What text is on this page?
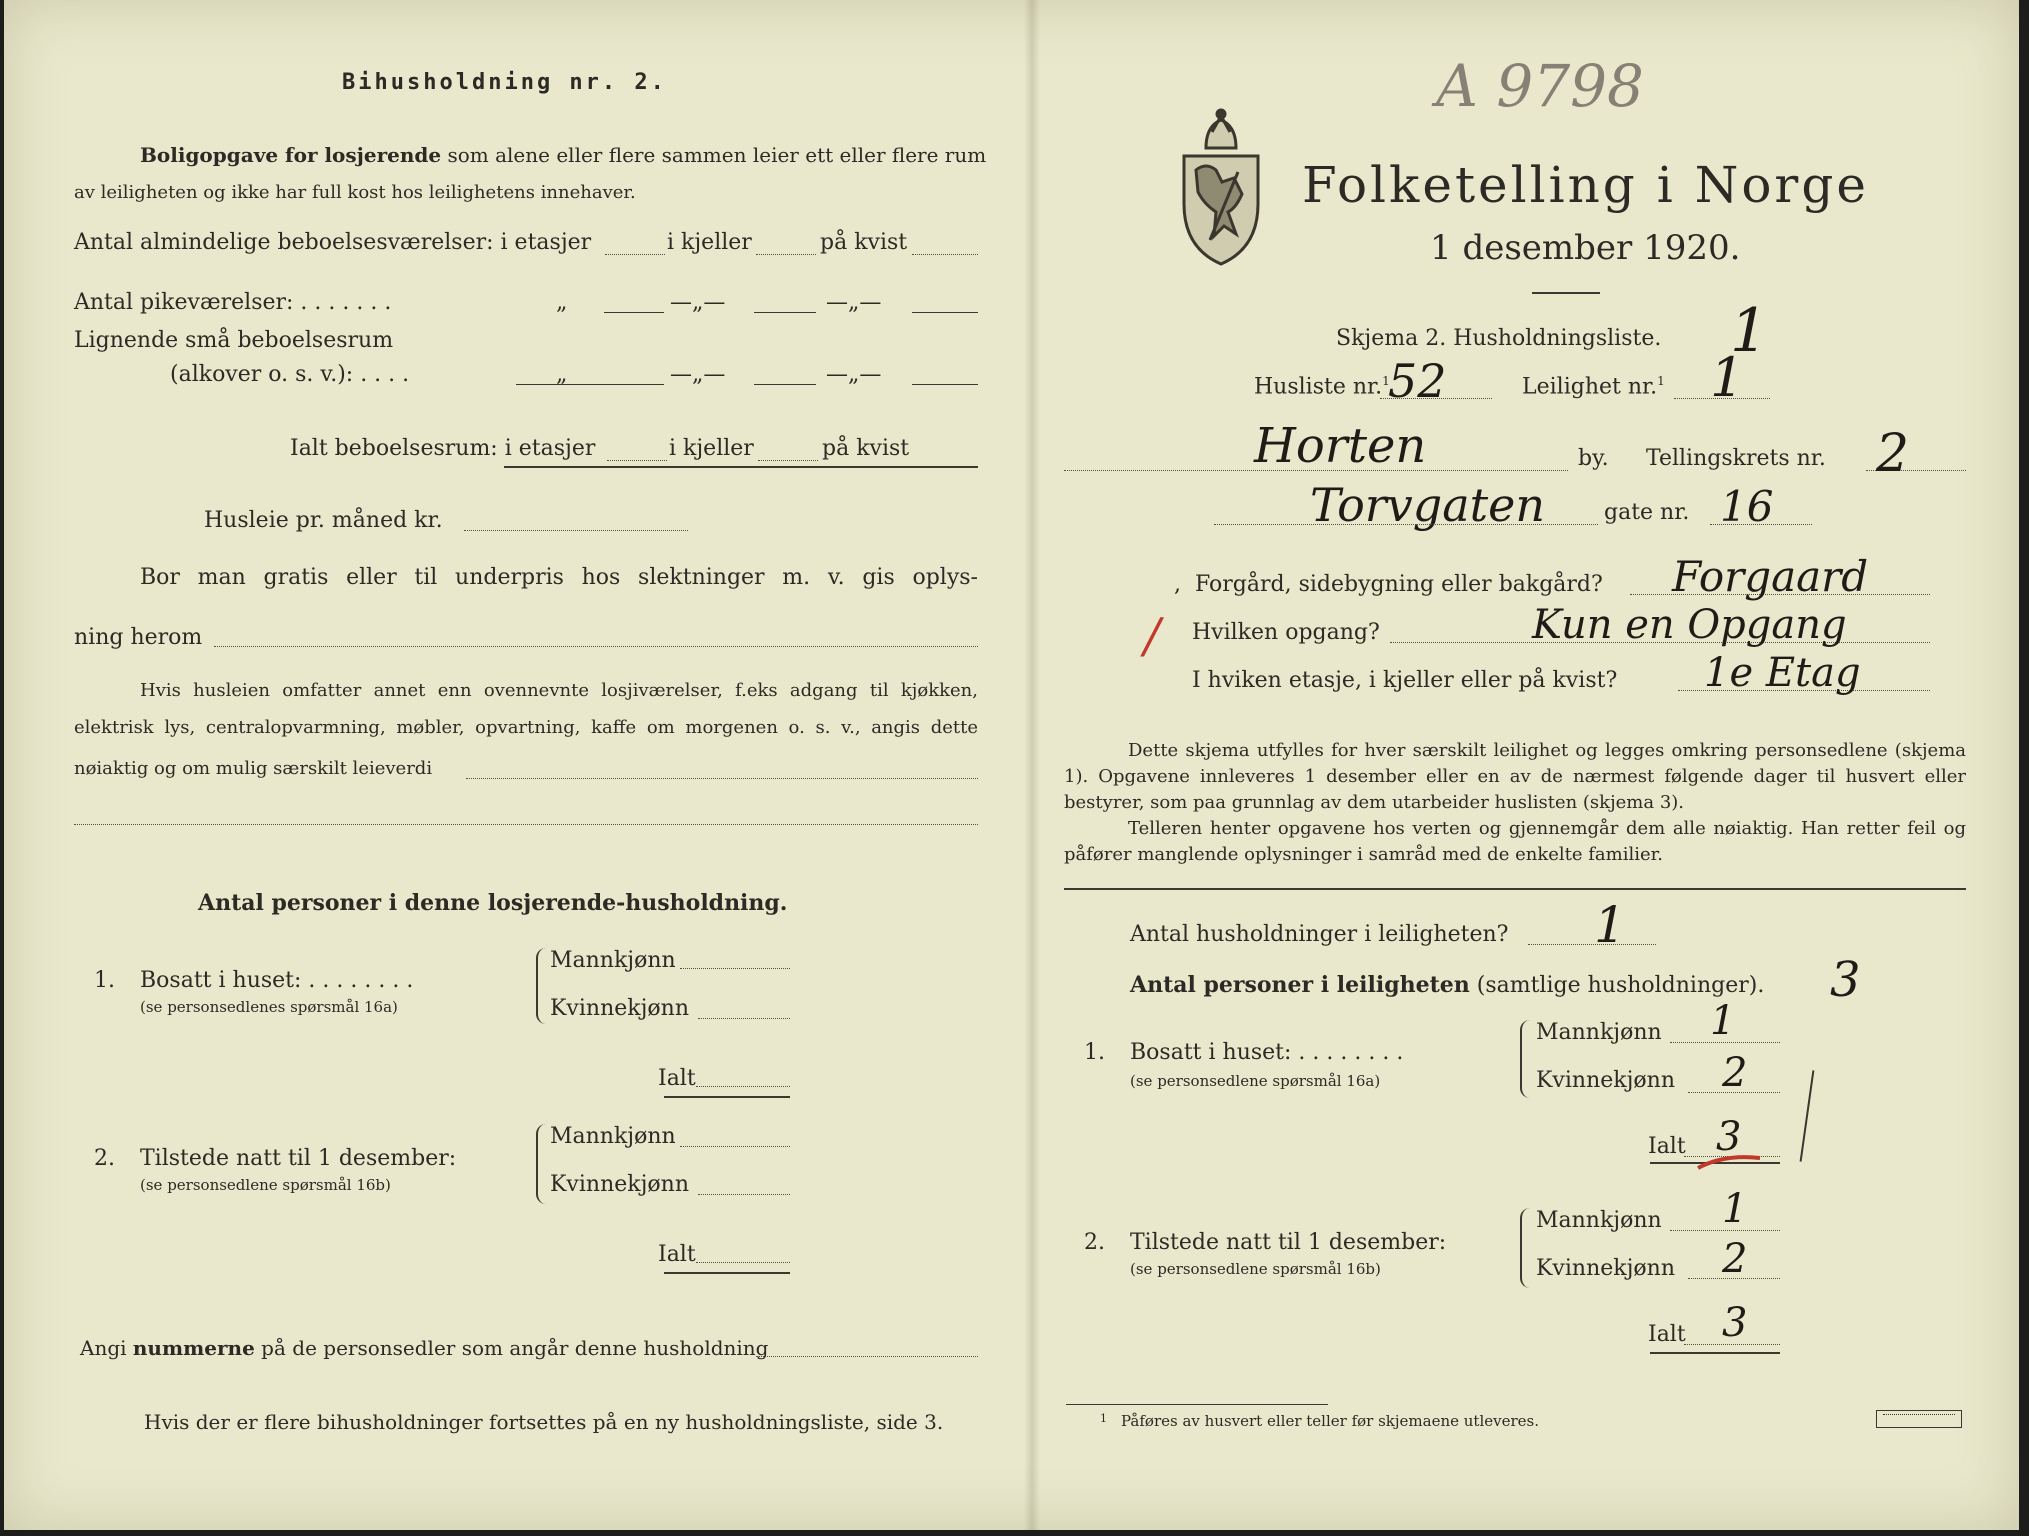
Bihusholdning nr. 2.
Boligopgave for losjerende som alene eller flere sammen leier ett eller flere rum
av leiligheten og ikke har full kost hos leilighetens innehaver.
Antal almindelige beboelsesværelser: i etasjer	i kjeller	på kvist
Antal pikeværelser: . . . . . . .	„	—„—	—„—
Lignende små beboelsesrum
(alkover o. s. v.): . . . .	„	—„—	—„—
Ialt beboelsesrum: i etasjer	i kjeller	på kvist
Husleie pr. måned kr.
Bor man gratis eller til underpris hos slektninger m. v. gis oplys-
ning herom
Hvis husleien omfatter annet enn ovennevnte losjiværelser, f.eks adgang til kjøkken,
elektrisk lys, centralopvarmning, møbler, opvartning, kaffe om morgenen o. s. v., angis dette
nøiaktig og om mulig særskilt leieverdi
Antal personer i denne losjerende-husholdning.
1. Bosatt i huset: . . . . . . . .
(se personsedlenes spørsmål 16a)
Mannkjønn
Kvinnekjønn
Ialt
2. Tilstede natt til 1 desember:
(se personsedlene spørsmål 16b)
Mannkjønn
Kvinnekjønn
Ialt
Angi nummerne på de personsedler som angår denne husholdning
Hvis der er flere bihusholdninger fortsettes på en ny husholdningsliste, side 3.
A 9798
Folketelling i Norge
1 desember 1920.
Skjema 2. Husholdningsliste. 1
Husliste nr.$^1$
52	Leilighet nr.$^1$ 1
Horten	by. Tellingskrets nr. 2
Torvgaten	gate nr. 16
,  Forgård, sidebygning eller bakgård? Forgaard
/ Hvilken opgang?	Kun en Opgang
I hviken etasje, i kjeller eller på kvist? 1e Etag
Dette skjema utfylles for hver særskilt leilighet og legges omkring personsedlene (skjema 1). Opgavene innleveres 1 desember eller en av de nærmest følgende dager til husvert eller bestyrer, som paa grunnlag av dem utarbeider huslisten (skjema 3).
Telleren henter opgavene hos verten og gjennemgår dem alle nøiaktig. Han retter feil og påfører manglende oplysninger i samråd med de enkelte familier.
Antal husholdninger i leiligheten? 1
Antal personer i leiligheten (samtlige husholdninger). 3
1. Bosatt i huset: . . . . . . . .
(se personsedlene spørsmål 16a)
Mannkjønn 1
Kvinnekjønn 2
Ialt 3
2. Tilstede natt til 1 desember:
(se personsedlene spørsmål 16b)
Mannkjønn 1
Kvinnekjønn 2
Ialt 3
$^1$ Påføres av husvert eller teller før skjemaene utleveres.
